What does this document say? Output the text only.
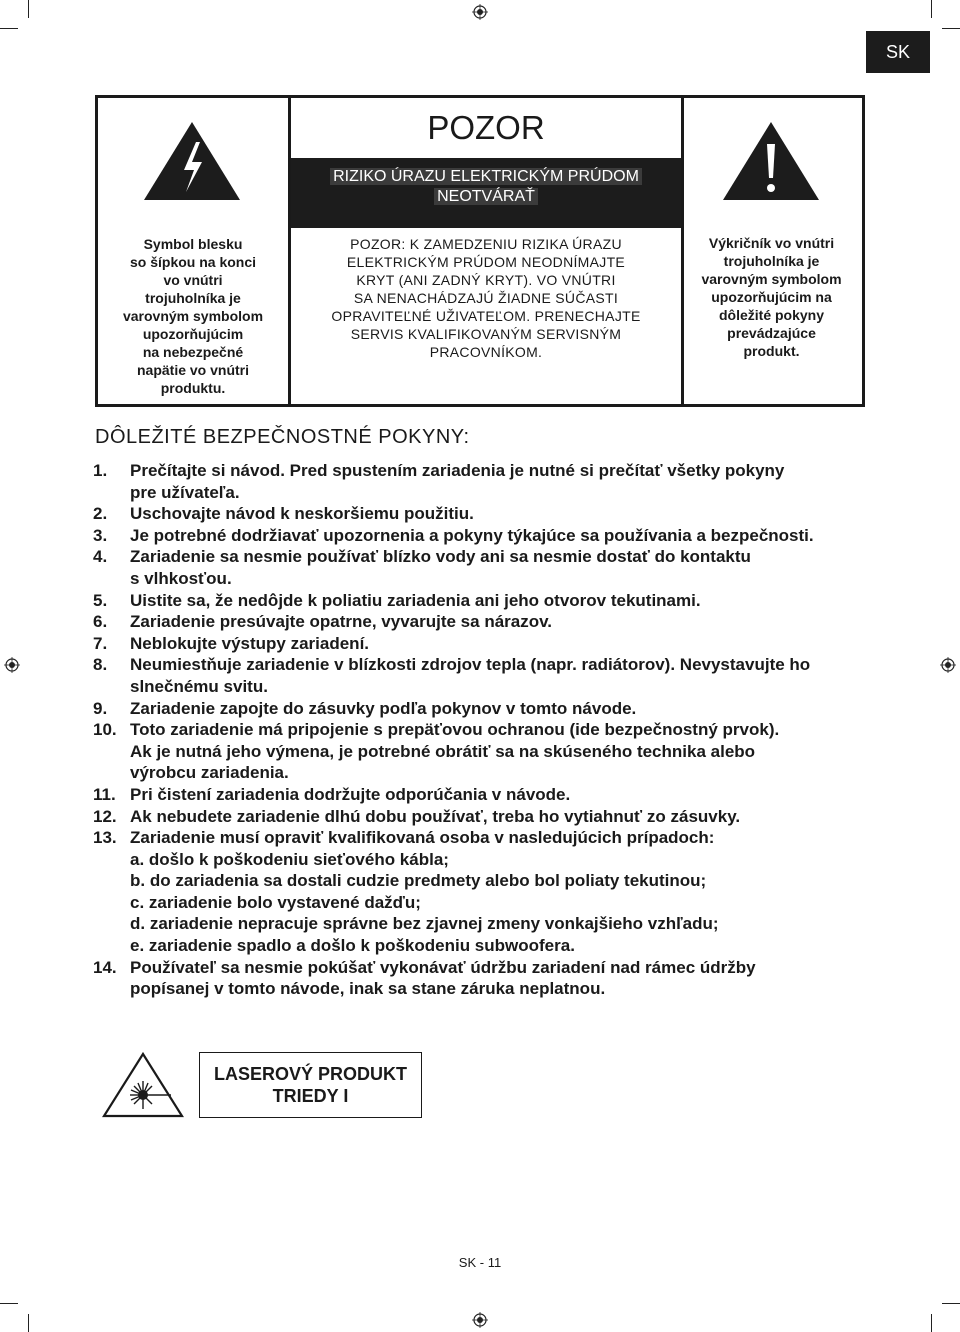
SK
Symbol blesku
so šípkou na konci
vo vnútri
trojuholníka je
varovným symbolom
upozorňujúcim
na nebezpečné
napätie vo vnútri
produktu.
POZOR
RIZIKO ÚRAZU ELEKTRICKÝM PRÚDOM
NEOTVÁRAŤ
POZOR: K ZAMEDZENIU RIZIKA ÚRAZU
ELEKTRICKÝM PRÚDOM NEODNÍMAJTE
KRYT (ANI ZADNÝ KRYT). VO VNÚTRI
SA NENACHÁDZAJÚ ŽIADNE SÚČASTI
OPRAVITEĽNÉ UŽIVATEĽOM. PRENECHAJTE
SERVIS KVALIFIKOVANÝM SERVISNÝM
PRACOVNÍKOM.
Výkričník vo vnútri
trojuholníka je
varovným symbolom
upozorňujúcim na
dôležité pokyny
prevádzajúce
produkt.
DÔLEŽITÉ BEZPEČNOSTNÉ POKYNY:
1. Prečítajte si návod. Pred spustením zariadenia je nutné si prečítať všetky pokyny
pre užívateľa.
2. Uschovajte návod k neskoršiemu použitiu.
3. Je potrebné dodržiavať upozornenia a pokyny týkajúce sa používania a bezpečnosti.
4. Zariadenie sa nesmie používať blízko vody ani sa nesmie dostať do kontaktu
s vlhkosťou.
5. Uistite sa, že nedôjde k poliatiu zariadenia ani jeho otvorov tekutinami.
6. Zariadenie presúvajte opatrne, vyvarujte sa nárazov.
7. Neblokujte výstupy zariadení.
8. Neumiestňuje zariadenie v blízkosti zdrojov tepla (napr. radiátorov). Nevystavujte ho
slnečnému svitu.
9. Zariadenie zapojte do zásuvky podľa pokynov v tomto návode.
10. Toto zariadenie má pripojenie s prepäťovou ochranou (ide bezpečnostný prvok).
Ak je nutná jeho výmena, je potrebné obrátiť sa na skúseného technika alebo
výrobcu zariadenia.
11. Pri čistení zariadenia dodržujte odporúčania v návode.
12. Ak nebudete zariadenie dlhú dobu používať, treba ho vytiahnuť zo zásuvky.
13. Zariadenie musí opraviť kvalifikovaná osoba v nasledujúcich prípadoch:
a. došlo k poškodeniu sieťového kábla;
b. do zariadenia sa dostali cudzie predmety alebo bol poliaty tekutinou;
c. zariadenie bolo vystavené dažďu;
d. zariadenie nepracuje správne bez zjavnej zmeny vonkajšieho vzhľadu;
e. zariadenie spadlo a došlo k poškodeniu subwoofera.
14. Používateľ sa nesmie pokúšať vykonávať údržbu zariadení nad rámec údržby
popísanej v tomto návode, inak sa stane záruka neplatnou.
LASEROVÝ PRODUKT
TRIEDY I
SK - 11
